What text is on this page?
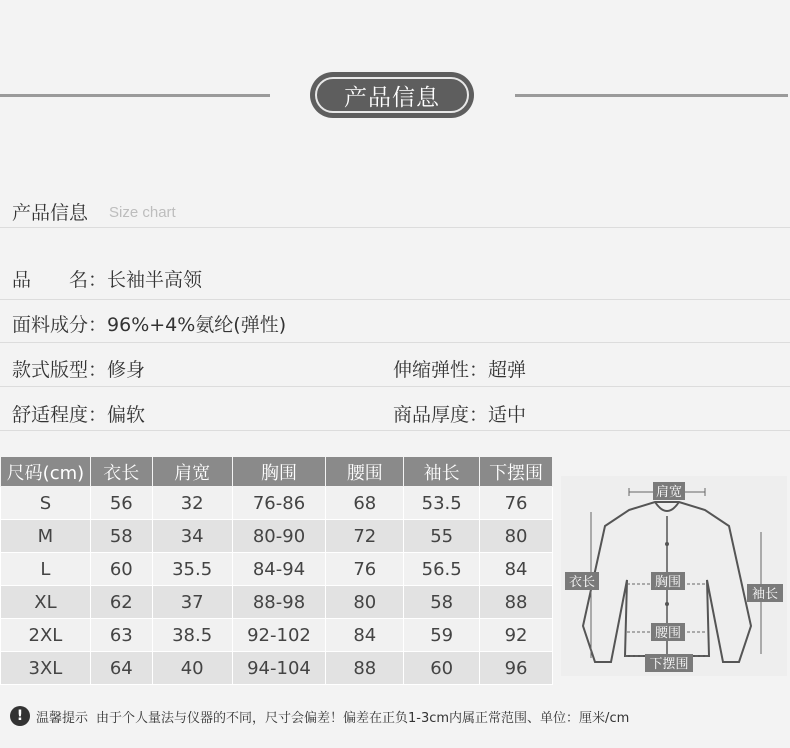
产品信息
产品信息 Size chart
品　　名：长袖半高领
面料成分：96%+4%氨纶(弹性)
款式版型：修身	伸缩弹性：超弹
舒适程度：偏软	商品厚度：适中
尺码(cm)	衣长	肩宽	胸围	腰围	袖长	下摆围
S	56	32	76-86	68	53.5	76
M	58	34	80-90	72	55	80
L	60	35.5	84-94	76	56.5	84
XL	62	37	88-98	80	58	88
2XL	63	38.5	92-102	84	59	92
3XL	64	40	94-104	88	60	96
肩宽
胸围
衣长
袖长
腰围
下摆围
! 温馨提示 由于个人量法与仪器的不同，尺寸会偏差！偏差在正负1-3cm内属正常范围、单位：厘米/cm
